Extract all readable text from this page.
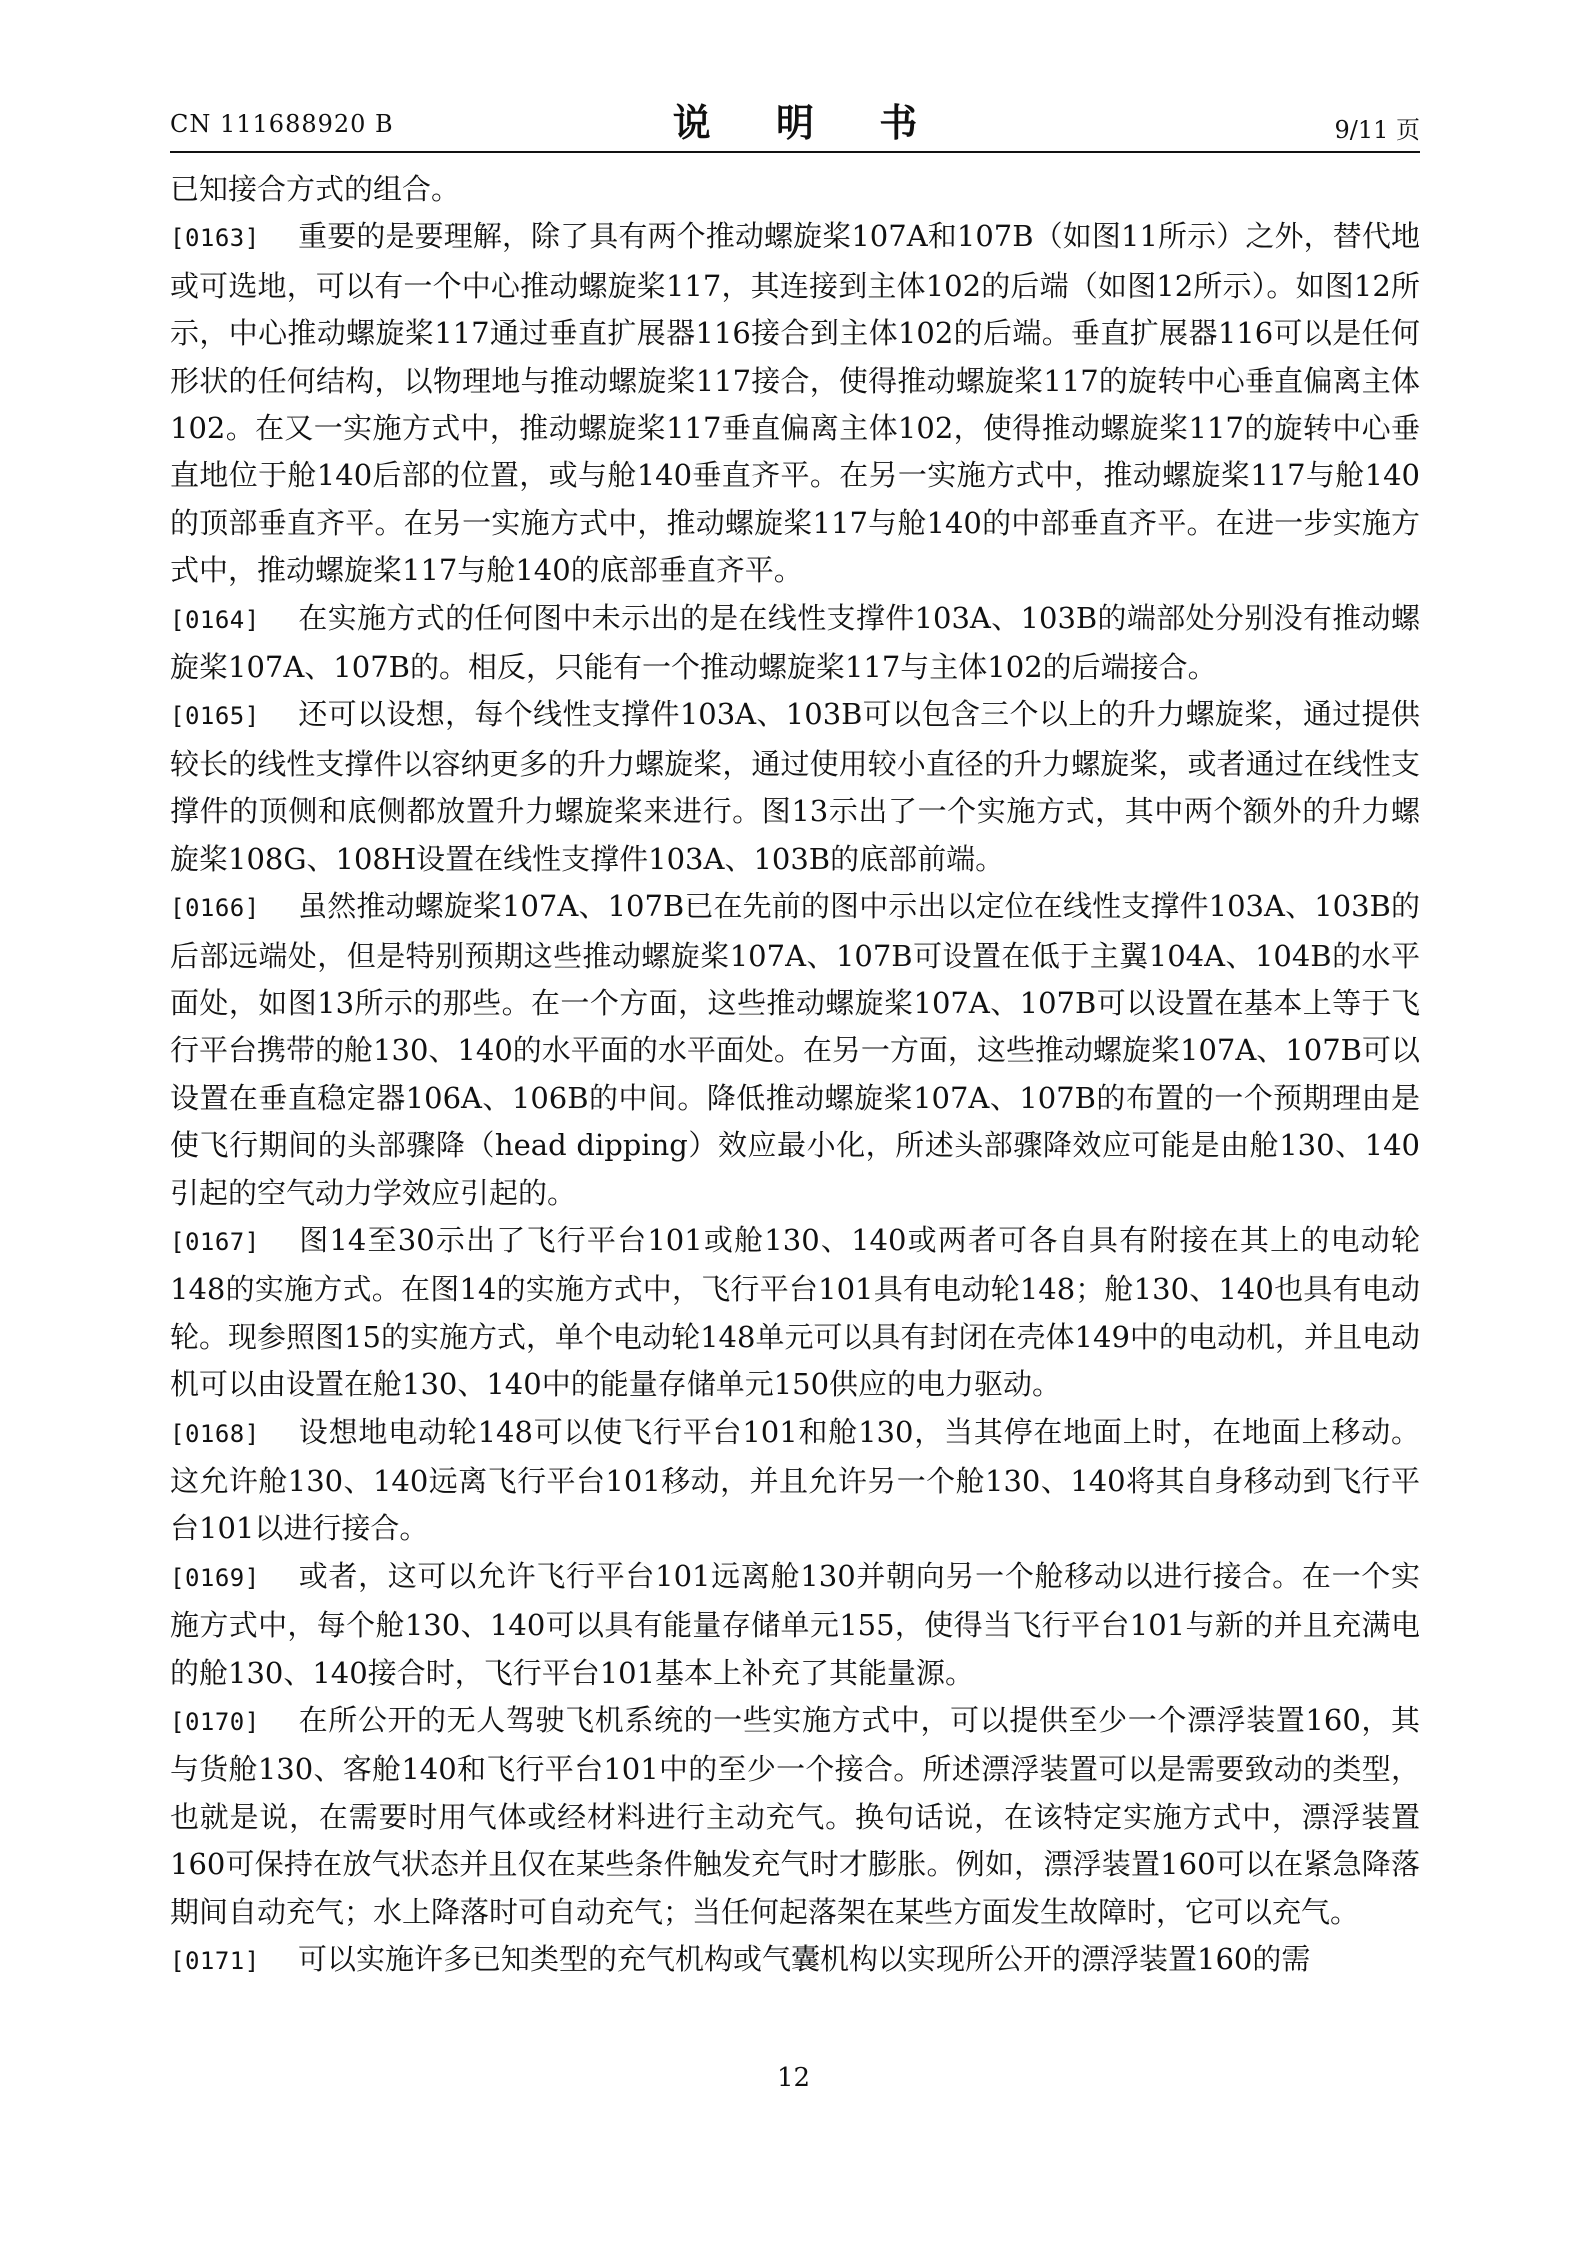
CN 111688920 B	说 明 书	9/11 页

已知接合方式的组合。

[0163] 重要的是要理解，除了具有两个推动螺旋桨107A和107B（如图11所示）之外，替代地或可选地，可以有一个中心推动螺旋桨117，其连接到主体102的后端（如图12所示）。如图12所示，中心推动螺旋桨117通过垂直扩展器116接合到主体102的后端。垂直扩展器116可以是任何形状的任何结构，以物理地与推动螺旋桨117接合，使得推动螺旋桨117的旋转中心垂直偏离主体102。在又一实施方式中，推动螺旋桨117垂直偏离主体102，使得推动螺旋桨117的旋转中心垂直地位于舱140后部的位置，或与舱140垂直齐平。在另一实施方式中，推动螺旋桨117与舱140的顶部垂直齐平。在另一实施方式中，推动螺旋桨117与舱140的中部垂直齐平。在进一步实施方式中，推动螺旋桨117与舱140的底部垂直齐平。

[0164] 在实施方式的任何图中未示出的是在线性支撑件103A、103B的端部处分别没有推动螺旋桨107A、107B的。相反，只能有一个推动螺旋桨117与主体102的后端接合。

[0165] 还可以设想，每个线性支撑件103A、103B可以包含三个以上的升力螺旋桨，通过提供较长的线性支撑件以容纳更多的升力螺旋桨，通过使用较小直径的升力螺旋桨，或者通过在线性支撑件的顶侧和底侧都放置升力螺旋桨来进行。图13示出了一个实施方式，其中两个额外的升力螺旋桨108G、108H设置在线性支撑件103A、103B的底部前端。

[0166] 虽然推动螺旋桨107A、107B已在先前的图中示出以定位在线性支撑件103A、103B的后部远端处，但是特别预期这些推动螺旋桨107A、107B可设置在低于主翼104A、104B的水平面处，如图13所示的那些。在一个方面，这些推动螺旋桨107A、107B可以设置在基本上等于飞行平台携带的舱130、140的水平面的水平面处。在另一方面，这些推动螺旋桨107A、107B可以设置在垂直稳定器106A、106B的中间。降低推动螺旋桨107A、107B的布置的一个预期理由是使飞行期间的头部骤降（head dipping）效应最小化，所述头部骤降效应可能是由舱130、140引起的空气动力学效应引起的。

[0167] 图14至30示出了飞行平台101或舱130、140或两者可各自具有附接在其上的电动轮148的实施方式。在图14的实施方式中，飞行平台101具有电动轮148；舱130、140也具有电动轮。现参照图15的实施方式，单个电动轮148单元可以具有封闭在壳体149中的电动机，并且电动机可以由设置在舱130、140中的能量存储单元150供应的电力驱动。

[0168] 设想地电动轮148可以使飞行平台101和舱130，当其停在地面上时，在地面上移动。这允许舱130、140远离飞行平台101移动，并且允许另一个舱130、140将其自身移动到飞行平台101以进行接合。

[0169] 或者，这可以允许飞行平台101远离舱130并朝向另一个舱移动以进行接合。在一个实施方式中，每个舱130、140可以具有能量存储单元155，使得当飞行平台101与新的并且充满电的舱130、140接合时，飞行平台101基本上补充了其能量源。

[0170] 在所公开的无人驾驶飞机系统的一些实施方式中，可以提供至少一个漂浮装置160，其与货舱130、客舱140和飞行平台101中的至少一个接合。所述漂浮装置可以是需要致动的类型，也就是说，在需要时用气体或经材料进行主动充气。换句话说，在该特定实施方式中，漂浮装置160可保持在放气状态并且仅在某些条件触发充气时才膨胀。例如，漂浮装置160可以在紧急降落期间自动充气；水上降落时可自动充气；当任何起落架在某些方面发生故障时，它可以充气。

[0171] 可以实施许多已知类型的充气机构或气囊机构以实现所公开的漂浮装置160的需

12
